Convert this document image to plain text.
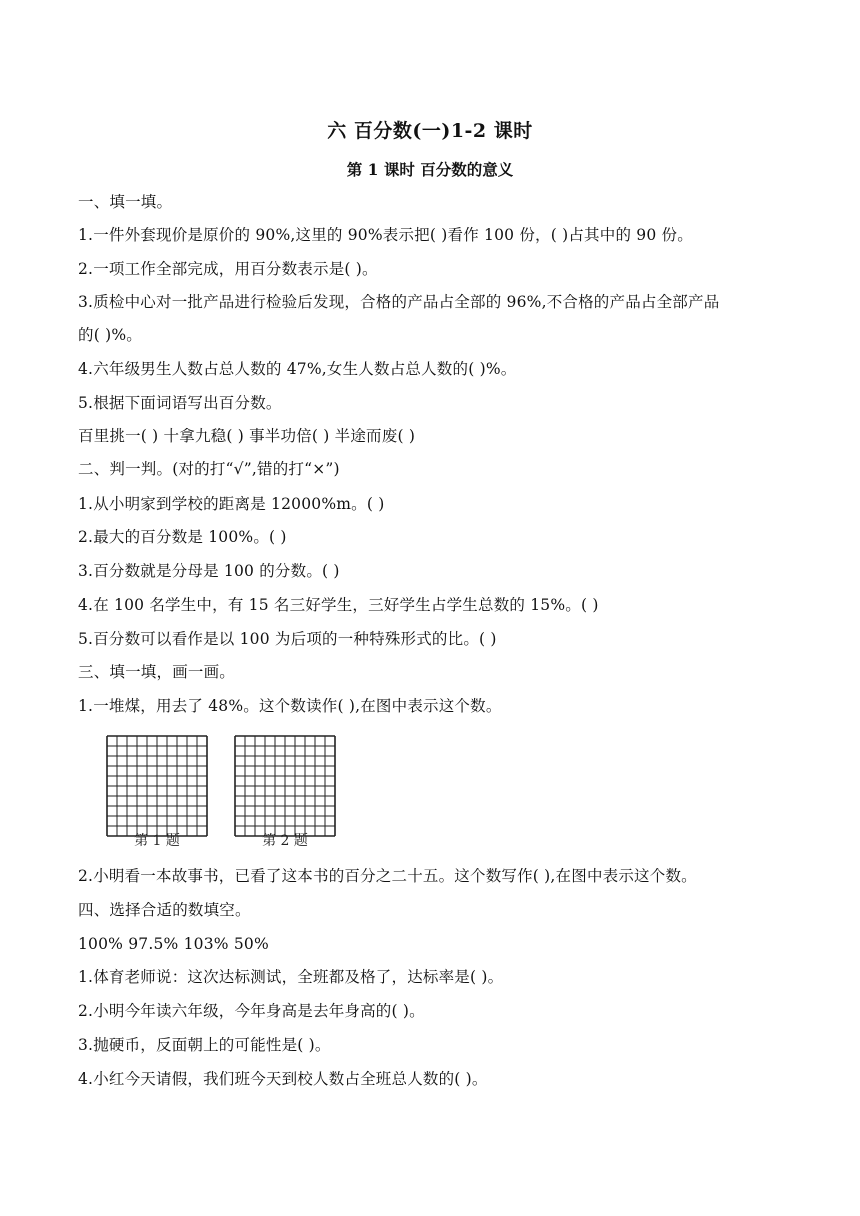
六 百分数(一)1-2 课时
第 1 课时 百分数的意义
一、填一填。
1.一件外套现价是原价的 90%,这里的 90%表示把( )看作 100 份，( )占其中的 90 份。
2.一项工作全部完成，用百分数表示是( )。
3.质检中心对一批产品进行检验后发现，合格的产品占全部的 96%,不合格的产品占全部产品
的( )%。
4.六年级男生人数占总人数的 47%,女生人数占总人数的( )%。
5.根据下面词语写出百分数。
百里挑一( ) 十拿九稳( ) 事半功倍( ) 半途而废( )
二、判一判。(对的打“√”,错的打“×”)
1.从小明家到学校的距离是 12000%m。( )
2.最大的百分数是 100%。( )
3.百分数就是分母是 100 的分数。( )
4.在 100 名学生中，有 15 名三好学生，三好学生占学生总数的 15%。( )
5.百分数可以看作是以 100 为后项的一种特殊形式的比。( )
三、填一填，画一画。
1.一堆煤，用去了 48%。这个数读作( ),在图中表示这个数。
第 1 题	第 2 题
2.小明看一本故事书，已看了这本书的百分之二十五。这个数写作( ),在图中表示这个数。
四、选择合适的数填空。
100% 97.5% 103% 50%
1.体育老师说：这次达标测试，全班都及格了，达标率是( )。
2.小明今年读六年级，今年身高是去年身高的( )。
3.抛硬币，反面朝上的可能性是( )。
4.小红今天请假，我们班今天到校人数占全班总人数的( )。
